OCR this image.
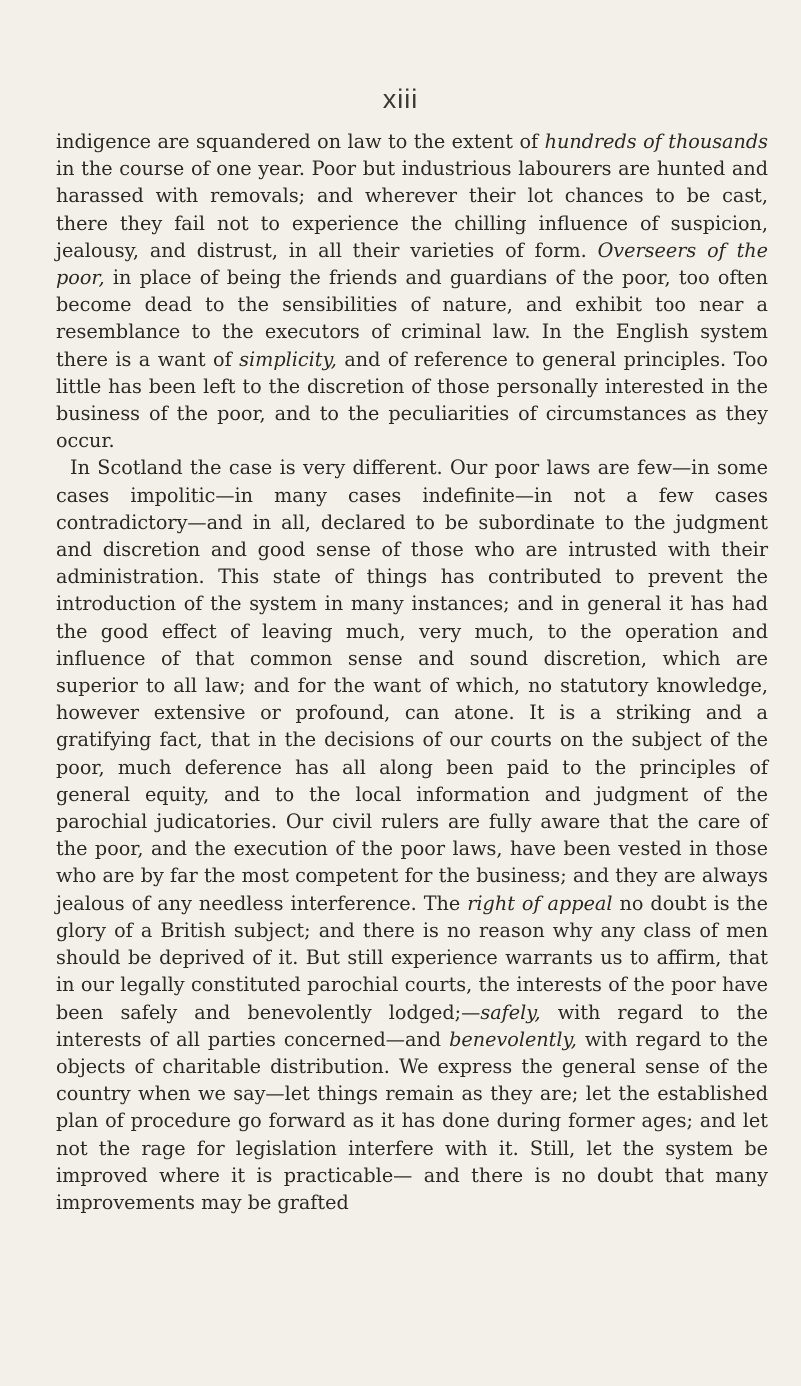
xiii

indigence are squandered on law to the extent of hundreds of thousands in the course of one year. Poor but industrious labourers are hunted and harassed with removals; and wherever their lot chances to be cast, there they fail not to experience the chilling influence of suspicion, jealousy, and distrust, in all their varieties of form. Overseers of the poor, in place of being the friends and guardians of the poor, too often become dead to the sensibilities of nature, and exhibit too near a resemblance to the executors of criminal law. In the English system there is a want of simplicity, and of reference to general principles. Too little has been left to the discretion of those personally interested in the business of the poor, and to the peculiarities of circumstances as they occur.

In Scotland the case is very different. Our poor laws are few—in some cases impolitic—in many cases indefinite—in not a few cases contradictory—and in all, declared to be subordinate to the judgment and discretion and good sense of those who are intrusted with their administration. This state of things has contributed to prevent the introduction of the system in many instances; and in general it has had the good effect of leaving much, very much, to the operation and influence of that common sense and sound discretion, which are superior to all law; and for the want of which, no statutory knowledge, however extensive or profound, can atone. It is a striking and a gratifying fact, that in the decisions of our courts on the subject of the poor, much deference has all along been paid to the principles of general equity, and to the local information and judgment of the parochial judicatories. Our civil rulers are fully aware that the care of the poor, and the execution of the poor laws, have been vested in those who are by far the most competent for the business; and they are always jealous of any needless interference. The right of appeal no doubt is the glory of a British subject; and there is no reason why any class of men should be deprived of it. But still experience warrants us to affirm, that in our legally constituted parochial courts, the interests of the poor have been safely and benevolently lodged;—safely, with regard to the interests of all parties concerned—and benevolently, with regard to the objects of charitable distribution. We express the general sense of the country when we say—let things remain as they are; let the established plan of procedure go forward as it has done during former ages; and let not the rage for legislation interfere with it. Still, let the system be improved where it is practicable— and there is no doubt that many improvements may be grafted
